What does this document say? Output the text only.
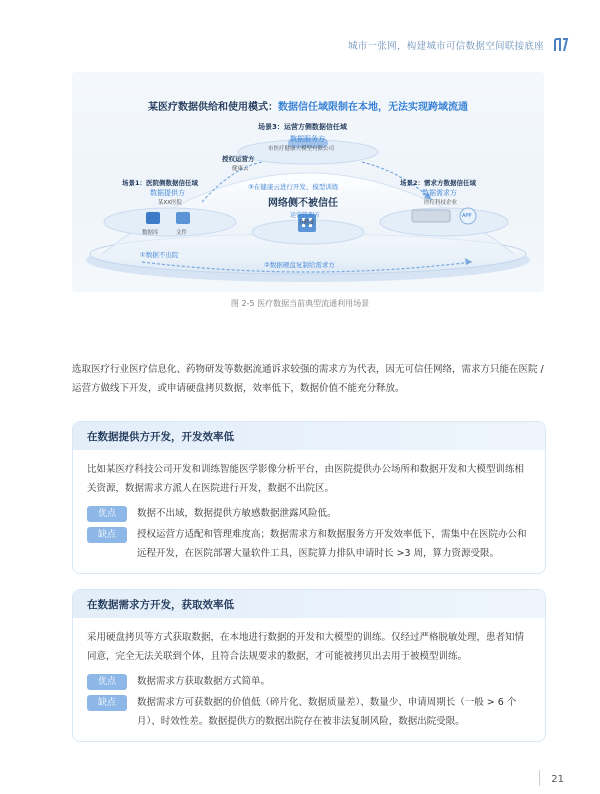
城市一张网，构建城市可信数据空间联接底座
某医疗数据供给和使用模式：数据信任域限制在本地，无法实现跨域流通
场景3：运营方侧数据信任域
数据服务方
市医疗健康大模型有限公司
授权运营方
健康云
场景1：医院侧数据信任域
数据提供方
某XX医院
数据库	文件
③在健康云进行开发、模型训练
网络侧不被信任
运营管理方
卫健委
场景2：需求方数据信任域
数据需求方
医疗科技企业
APP
①数据不出院
②数据硬盘复制给需求方
图 2-5 医疗数据当前典型流通利用场景

选取医疗行业医疗信息化、药物研发等数据流通诉求较强的需求方为代表，因无可信任网络，需求方只能在医院 / 运营方做线下开发，或申请硬盘拷贝数据，效率低下，数据价值不能充分释放。

在数据提供方开发，开发效率低

比如某医疗科技公司开发和训练智能医学影像分析平台，由医院提供办公场所和数据开发和大模型训练相关资源，数据需求方派人在医院进行开发，数据不出院区。

优点	数据不出域，数据提供方敏感数据泄露风险低。
缺点	授权运营方适配和管理难度高；数据需求方和数据服务方开发效率低下，需集中在医院办公和远程开发，在医院部署大量软件工具，医院算力排队申请时长 >3 周，算力资源受限。
在数据需求方开发，获取效率低

采用硬盘拷贝等方式获取数据，在本地进行数据的开发和大模型的训练。仅经过严格脱敏处理，患者知情同意，完全无法关联到个体，且符合法规要求的数据，才可能被拷贝出去用于被模型训练。

优点	数据需求方获取数据方式简单。
缺点	数据需求方可获数据的价值低（碎片化、数据质量差）、数量少、申请周期长（一般 > 6 个月）、时效性差。数据提供方的数据出院存在被非法复制风险，数据出院受限。
21
